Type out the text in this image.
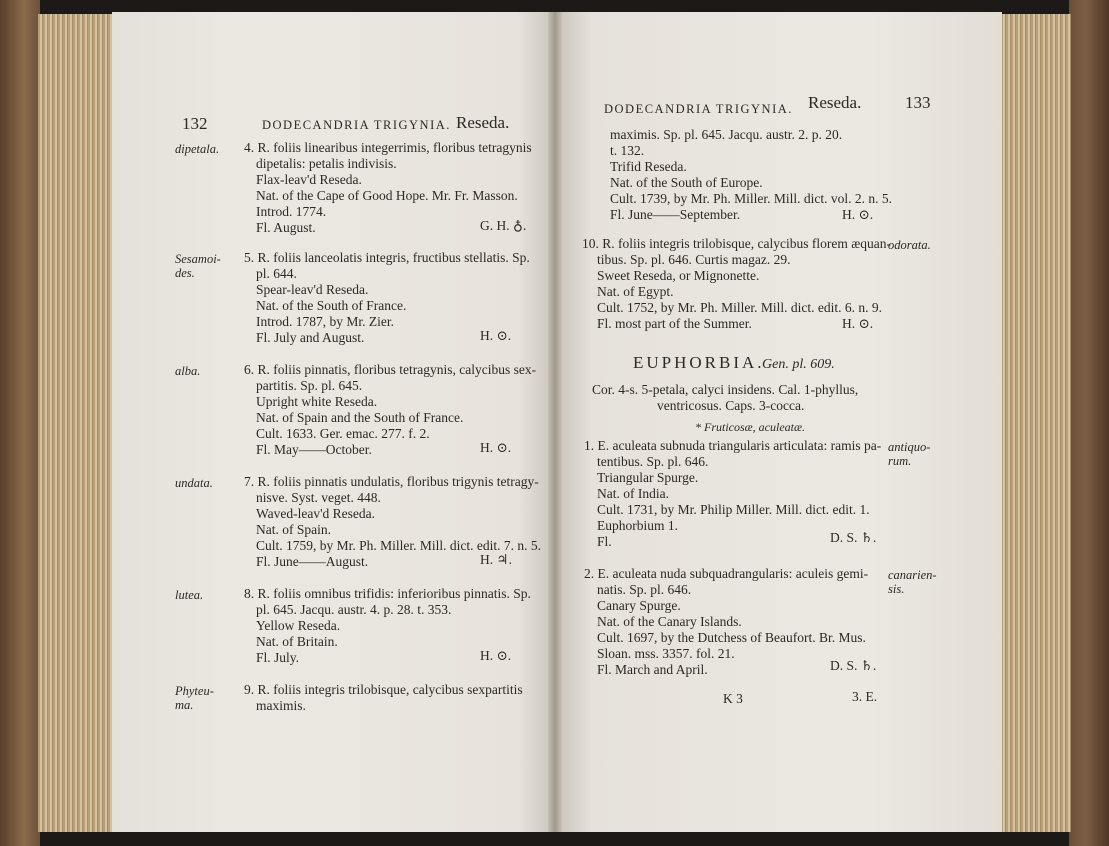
132	DODECANDRIA TRIGYNIA. Reseda.
4. R. foliis linearibus integerrimis, floribus tetragynis
dipetalis: petalis indivisis.
Flax-leav'd Reseda.
Nat. of the Cape of Good Hope. Mr. Fr. Masson.
Introd. 1774.
Fl. August.
dipetala.
G. H. ♁.
5. R. foliis lanceolatis integris, fructibus stellatis. Sp.
pl. 644.
Spear-leav'd Reseda.
Nat. of the South of France.
Introd. 1787, by Mr. Zier.
Fl. July and August.
Sesamoi-
des.
H. ⊙.
6. R. foliis pinnatis, floribus tetragynis, calycibus sex-
partitis. Sp. pl. 645.
Upright white Reseda.
Nat. of Spain and the South of France.
Cult. 1633. Ger. emac. 277. f. 2.
Fl. May——October.
alba.
H. ⊙.
7. R. foliis pinnatis undulatis, floribus trigynis tetragy-
nisve. Syst. veget. 448.
Waved-leav'd Reseda.
Nat. of Spain.
Cult. 1759, by Mr. Ph. Miller. Mill. dict. edit. 7. n. 5.
Fl. June——August.
undata.
H. ♃.
8. R. foliis omnibus trifidis: inferioribus pinnatis. Sp.
pl. 645. Jacqu. austr. 4. p. 28. t. 353.
Yellow Reseda.
Nat. of Britain.
Fl. July.
lutea.
H. ⊙.
9. R. foliis integris trilobisque, calycibus sexpartitis
maximis.
Phyteu-
ma.
DODECANDRIA TRIGYNIA. Reseda.	133
maximis. Sp. pl. 645. Jacqu. austr. 2. p. 20.
t. 132.
Trifid Reseda.
Nat. of the South of Europe.
Cult. 1739, by Mr. Ph. Miller. Mill. dict. vol. 2. n. 5.
Fl. June——September.	H. ⊙.
10. R. foliis integris trilobisque, calycibus florem æquan-
tibus. Sp. pl. 646. Curtis magaz. 29.
Sweet Reseda, or Mignonette.
Nat. of Egypt.
Cult. 1752, by Mr. Ph. Miller. Mill. dict. edit. 6. n. 9.
Fl. most part of the Summer.
odorata.
H. ⊙.
EUPHORBIA.
Gen. pl. 609.
Cor. 4-s. 5-petala, calyci insidens. Cal. 1-phyllus,
ventricosus. Caps. 3-cocca.
* Fruticosæ, aculeatæ.
1. E. aculeata subnuda triangularis articulata: ramis pa-
tentibus. Sp. pl. 646.
Triangular Spurge.
Nat. of India.
Cult. 1731, by Mr. Philip Miller. Mill. dict. edit. 1.
Euphorbium 1.
Fl.
antiquo-
rum.
D. S. ♄.
2. E. aculeata nuda subquadrangularis: aculeis gemi-
natis. Sp. pl. 646.
Canary Spurge.
Nat. of the Canary Islands.
Cult. 1697, by the Dutchess of Beaufort. Br. Mus.
Sloan. mss. 3357. fol. 21.
Fl. March and April.
canarien-
sis.
D. S. ♄.
K 3	3. E.
